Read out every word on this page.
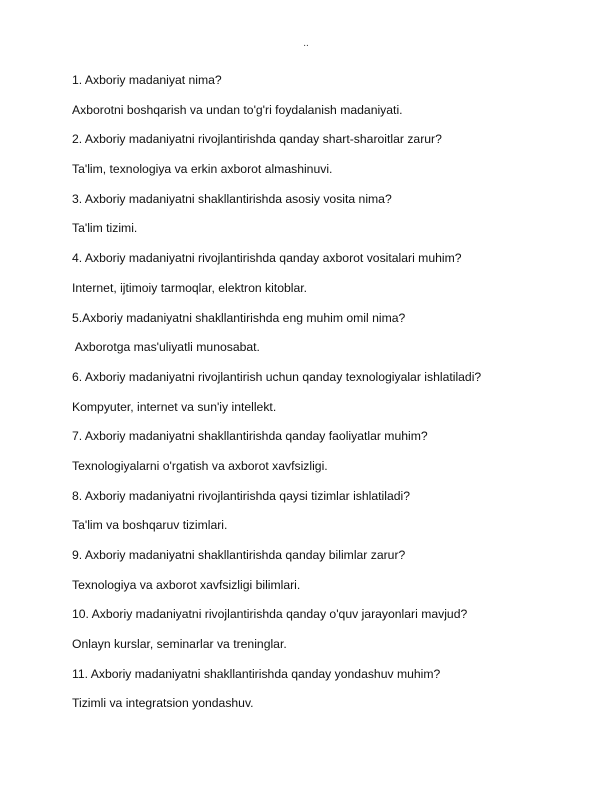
..

1. Axboriy madaniyat nima?

Axborotni boshqarish va undan to'g'ri foydalanish madaniyati.

2. Axboriy madaniyatni rivojlantirishda qanday shart-sharoitlar zarur?

Ta'lim, texnologiya va erkin axborot almashinuvi.

3. Axboriy madaniyatni shakllantirishda asosiy vosita nima?

Ta'lim tizimi.

4. Axboriy madaniyatni rivojlantirishda qanday axborot vositalari muhim?

Internet, ijtimoiy tarmoqlar, elektron kitoblar.

5.Axboriy madaniyatni shakllantirishda eng muhim omil nima?

Axborotga mas'uliyatli munosabat.

6. Axboriy madaniyatni rivojlantirish uchun qanday texnologiyalar ishlatiladi?

Kompyuter, internet va sun'iy intellekt.

7. Axboriy madaniyatni shakllantirishda qanday faoliyatlar muhim?

Texnologiyalarni o'rgatish va axborot xavfsizligi.

8. Axboriy madaniyatni rivojlantirishda qaysi tizimlar ishlatiladi?

Ta'lim va boshqaruv tizimlari.

9. Axboriy madaniyatni shakllantirishda qanday bilimlar zarur?

Texnologiya va axborot xavfsizligi bilimlari.

10. Axboriy madaniyatni rivojlantirishda qanday o'quv jarayonlari mavjud?

Onlayn kurslar, seminarlar va treninglar.

11. Axboriy madaniyatni shakllantirishda qanday yondashuv muhim?

Tizimli va integratsion yondashuv.
